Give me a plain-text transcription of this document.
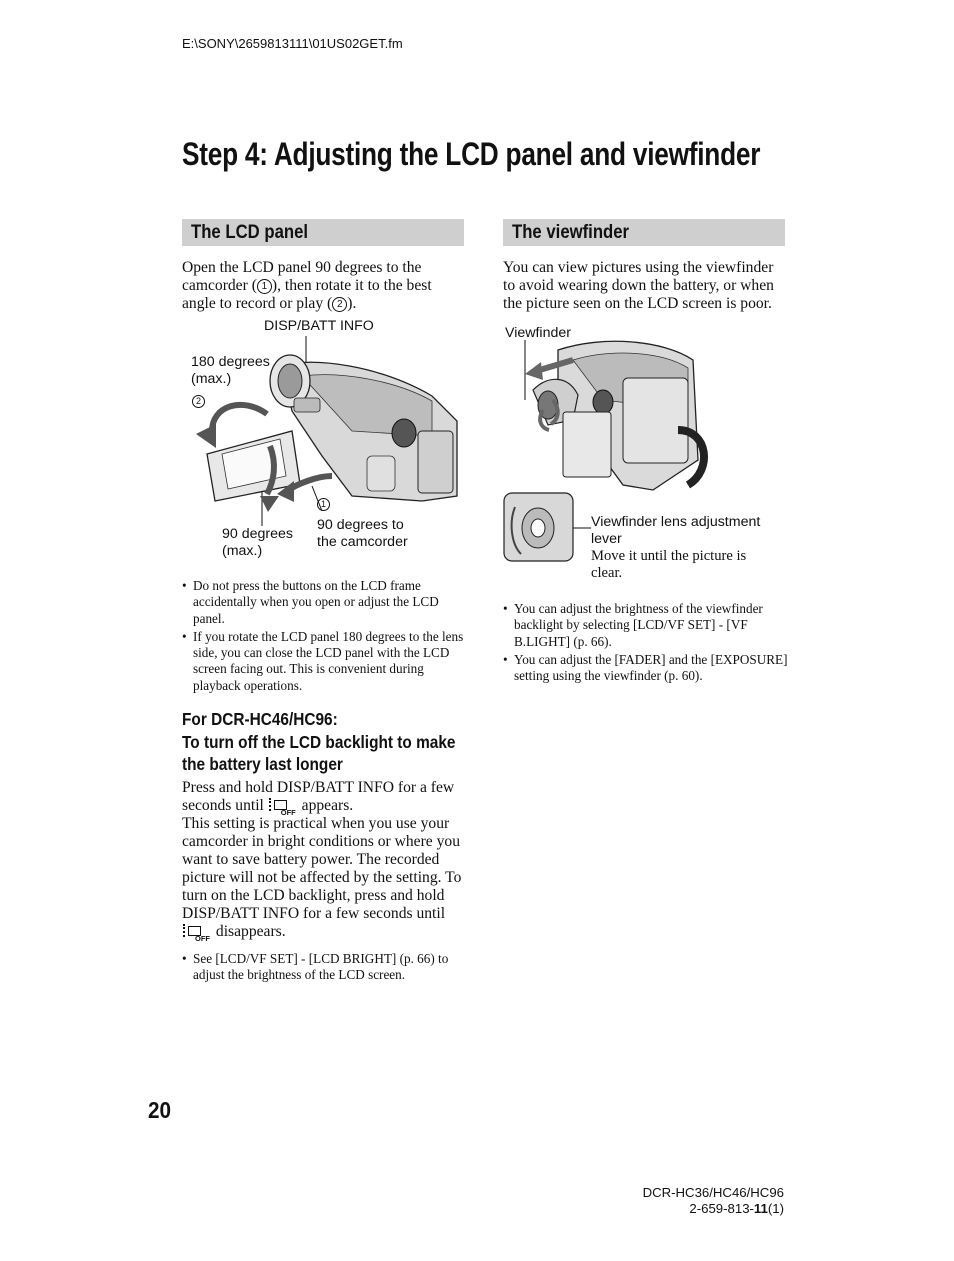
E:\SONY\2659813111\01US02GET.fm
Step 4: Adjusting the LCD panel and viewfinder
The LCD panel	The viewfinder
Open the LCD panel 90 degrees to the camcorder ( 1 ), then rotate it to the best angle to record or play ( 2 ).
DISP/BATT INFO
180 degrees
(max.)
2
1
90 degrees to
the camcorder
90 degrees
(max.)
• Do not press the buttons on the LCD frame accidentally when you open or adjust the LCD panel.
• If you rotate the LCD panel 180 degrees to the lens side, you can close the LCD panel with the LCD screen facing out. This is convenient during playback operations.
For DCR-HC46/HC96:
To turn off the LCD backlight to make
the battery last longer
Press and hold DISP/BATT INFO for a few seconds until OFF appears.
This setting is practical when you use your camcorder in bright conditions or where you want to save battery power. The recorded picture will not be affected by the setting. To turn on the LCD backlight, press and hold DISP/BATT INFO for a few seconds until
OFF disappears.
• See [LCD/VF SET] - [LCD BRIGHT] (p. 66) to adjust the brightness of the LCD screen.
You can view pictures using the viewfinder to avoid wearing down the battery, or when the picture seen on the LCD screen is poor.
Viewfinder
Viewfinder lens adjustment
lever
Move it until the picture is clear.
• You can adjust the brightness of the viewfinder backlight by selecting [LCD/VF SET] - [VF B.LIGHT] (p. 66).
• You can adjust the [FADER] and the [EXPOSURE] setting using the viewfinder (p. 60).
20
DCR-HC36/HC46/HC96
2-659-813-11(1)
